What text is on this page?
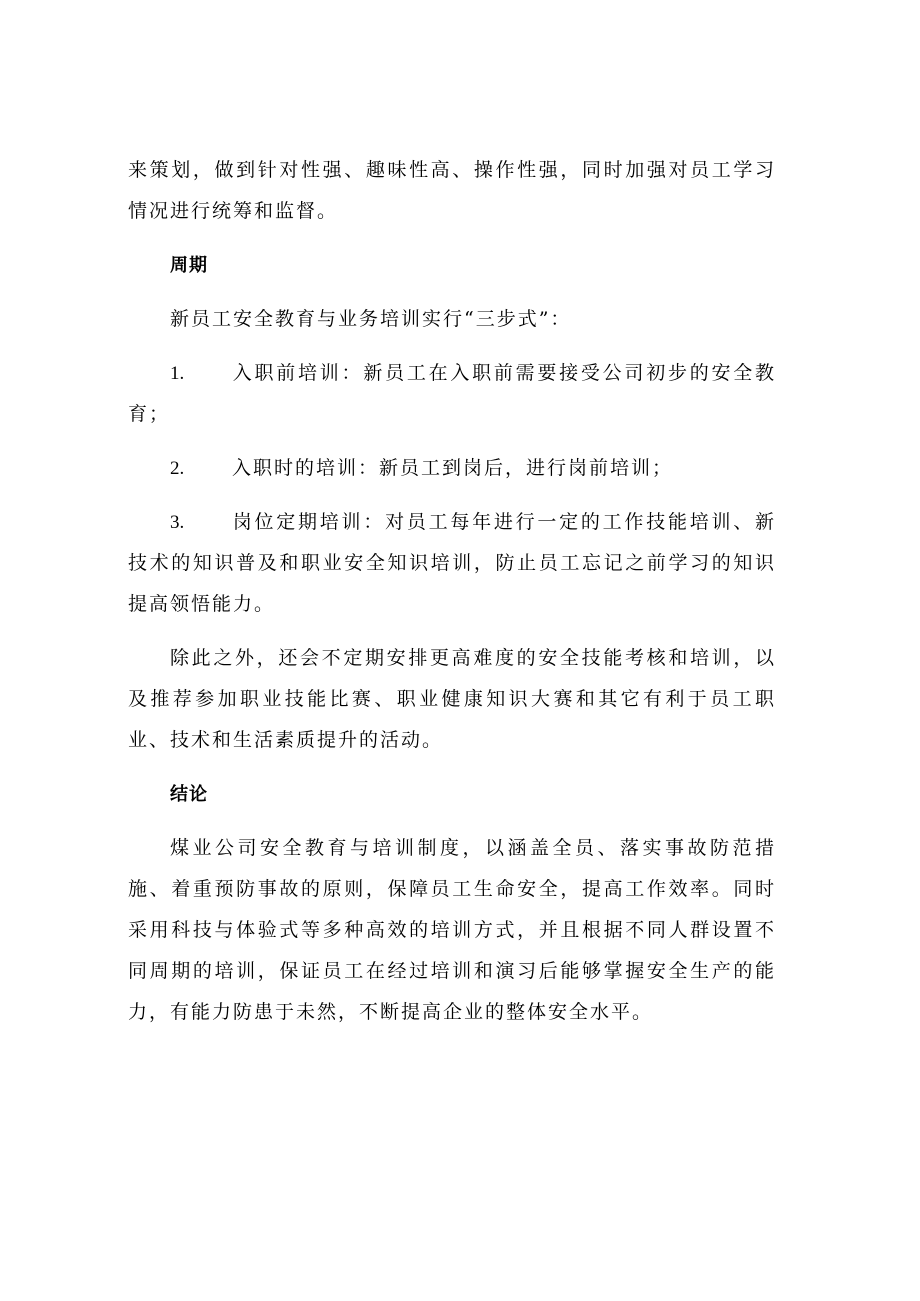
来策划，做到针对性强、趣味性高、操作性强，同时加强对员工学习情况进行统筹和监督。

周期

新员工安全教育与业务培训实行“三步式”：

1.	入职前培训：新员工在入职前需要接受公司初步的安全教育；

2.	入职时的培训：新员工到岗后，进行岗前培训；

3.	岗位定期培训：对员工每年进行一定的工作技能培训、新技术的知识普及和职业安全知识培训，防止员工忘记之前学习的知识提高领悟能力。

除此之外，还会不定期安排更高难度的安全技能考核和培训，以及推荐参加职业技能比赛、职业健康知识大赛和其它有利于员工职业、技术和生活素质提升的活动。

结论

煤业公司安全教育与培训制度，以涵盖全员、落实事故防范措施、着重预防事故的原则，保障员工生命安全，提高工作效率。同时采用科技与体验式等多种高效的培训方式，并且根据不同人群设置不同周期的培训，保证员工在经过培训和演习后能够掌握安全生产的能力，有能力防患于未然，不断提高企业的整体安全水平。
